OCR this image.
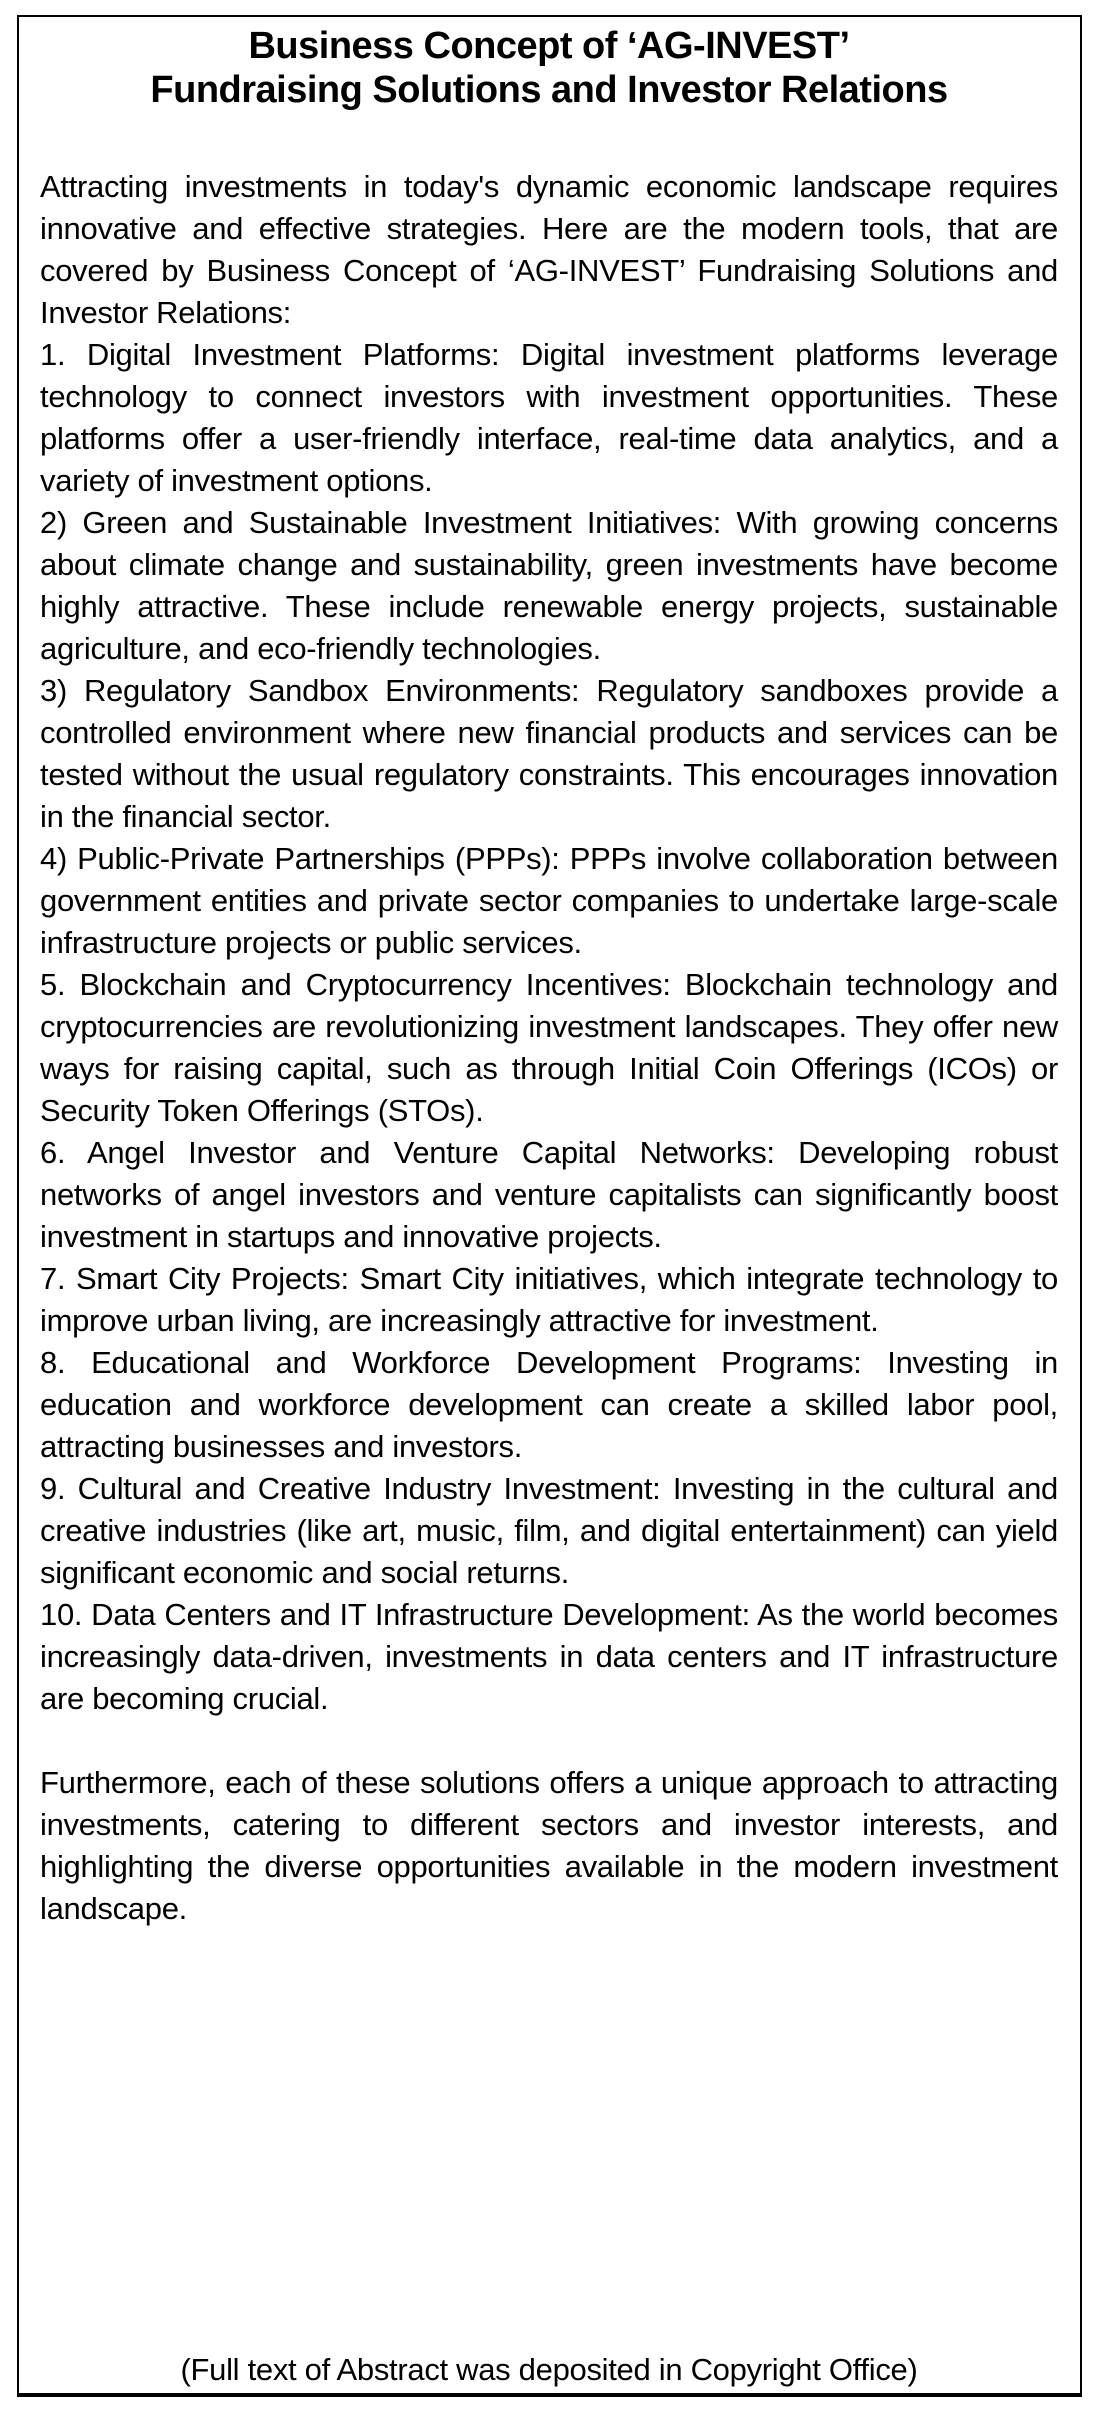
Business Concept of ‘AG-INVEST’
Fundraising Solutions and Investor Relations

Attracting investments in today's dynamic economic landscape requires innovative and effective strategies. Here are the modern tools, that are covered by Business Concept of ‘AG-INVEST’ Fundraising Solutions and Investor Relations:

1. Digital Investment Platforms: Digital investment platforms leverage technology to connect investors with investment opportunities. These platforms offer a user-friendly interface, real-time data analytics, and a variety of investment options.

2) Green and Sustainable Investment Initiatives: With growing concerns about climate change and sustainability, green investments have become highly attractive. These include renewable energy projects, sustainable agriculture, and eco-friendly technologies.

3) Regulatory Sandbox Environments: Regulatory sandboxes provide a controlled environment where new financial products and services can be tested without the usual regulatory constraints. This encourages innovation in the financial sector.

4) Public-Private Partnerships (PPPs): PPPs involve collaboration between government entities and private sector companies to undertake large-scale infrastructure projects or public services.

5. Blockchain and Cryptocurrency Incentives: Blockchain technology and cryptocurrencies are revolutionizing investment landscapes. They offer new ways for raising capital, such as through Initial Coin Offerings (ICOs) or Security Token Offerings (STOs).

6. Angel Investor and Venture Capital Networks: Developing robust networks of angel investors and venture capitalists can significantly boost investment in startups and innovative projects.

7. Smart City Projects: Smart City initiatives, which integrate technology to improve urban living, are increasingly attractive for investment.

8. Educational and Workforce Development Programs: Investing in education and workforce development can create a skilled labor pool, attracting businesses and investors.

9. Cultural and Creative Industry Investment: Investing in the cultural and creative industries (like art, music, film, and digital entertainment) can yield significant economic and social returns.

10. Data Centers and IT Infrastructure Development: As the world becomes increasingly data-driven, investments in data centers and IT infrastructure are becoming crucial.

Furthermore, each of these solutions offers a unique approach to attracting investments, catering to different sectors and investor interests, and highlighting the diverse opportunities available in the modern investment landscape.

(Full text of Abstract was deposited in Copyright Office)
